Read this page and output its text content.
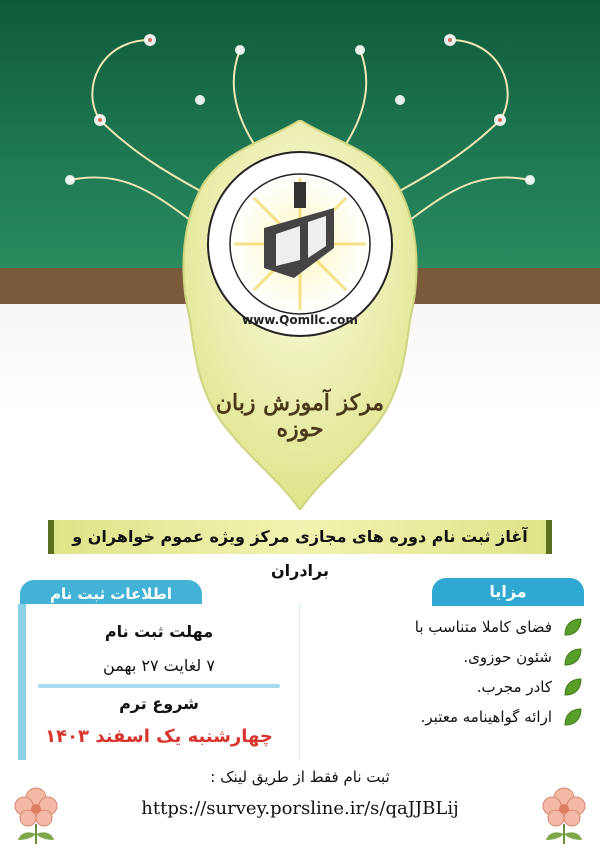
www.Qomllc.com
مرکز آموزش زبان حوزه
آغاز ثبت نام دوره های مجازی مرکز ویژه عموم خواهران و برادران
اطلاعات ثبت نام
مهلت ثبت نام
۷ لغایت ۲۷ بهمن
شروع ترم
چهارشنبه یک اسفند ۱۴۰۳
مزایا
فضای کاملا متناسب با
شئون حوزوی.
کادر مجرب.
ارائه گواهینامه معتبر.
ثبت نام فقط از طریق لینک :
https://survey.porsline.ir/s/qaJJBLij
